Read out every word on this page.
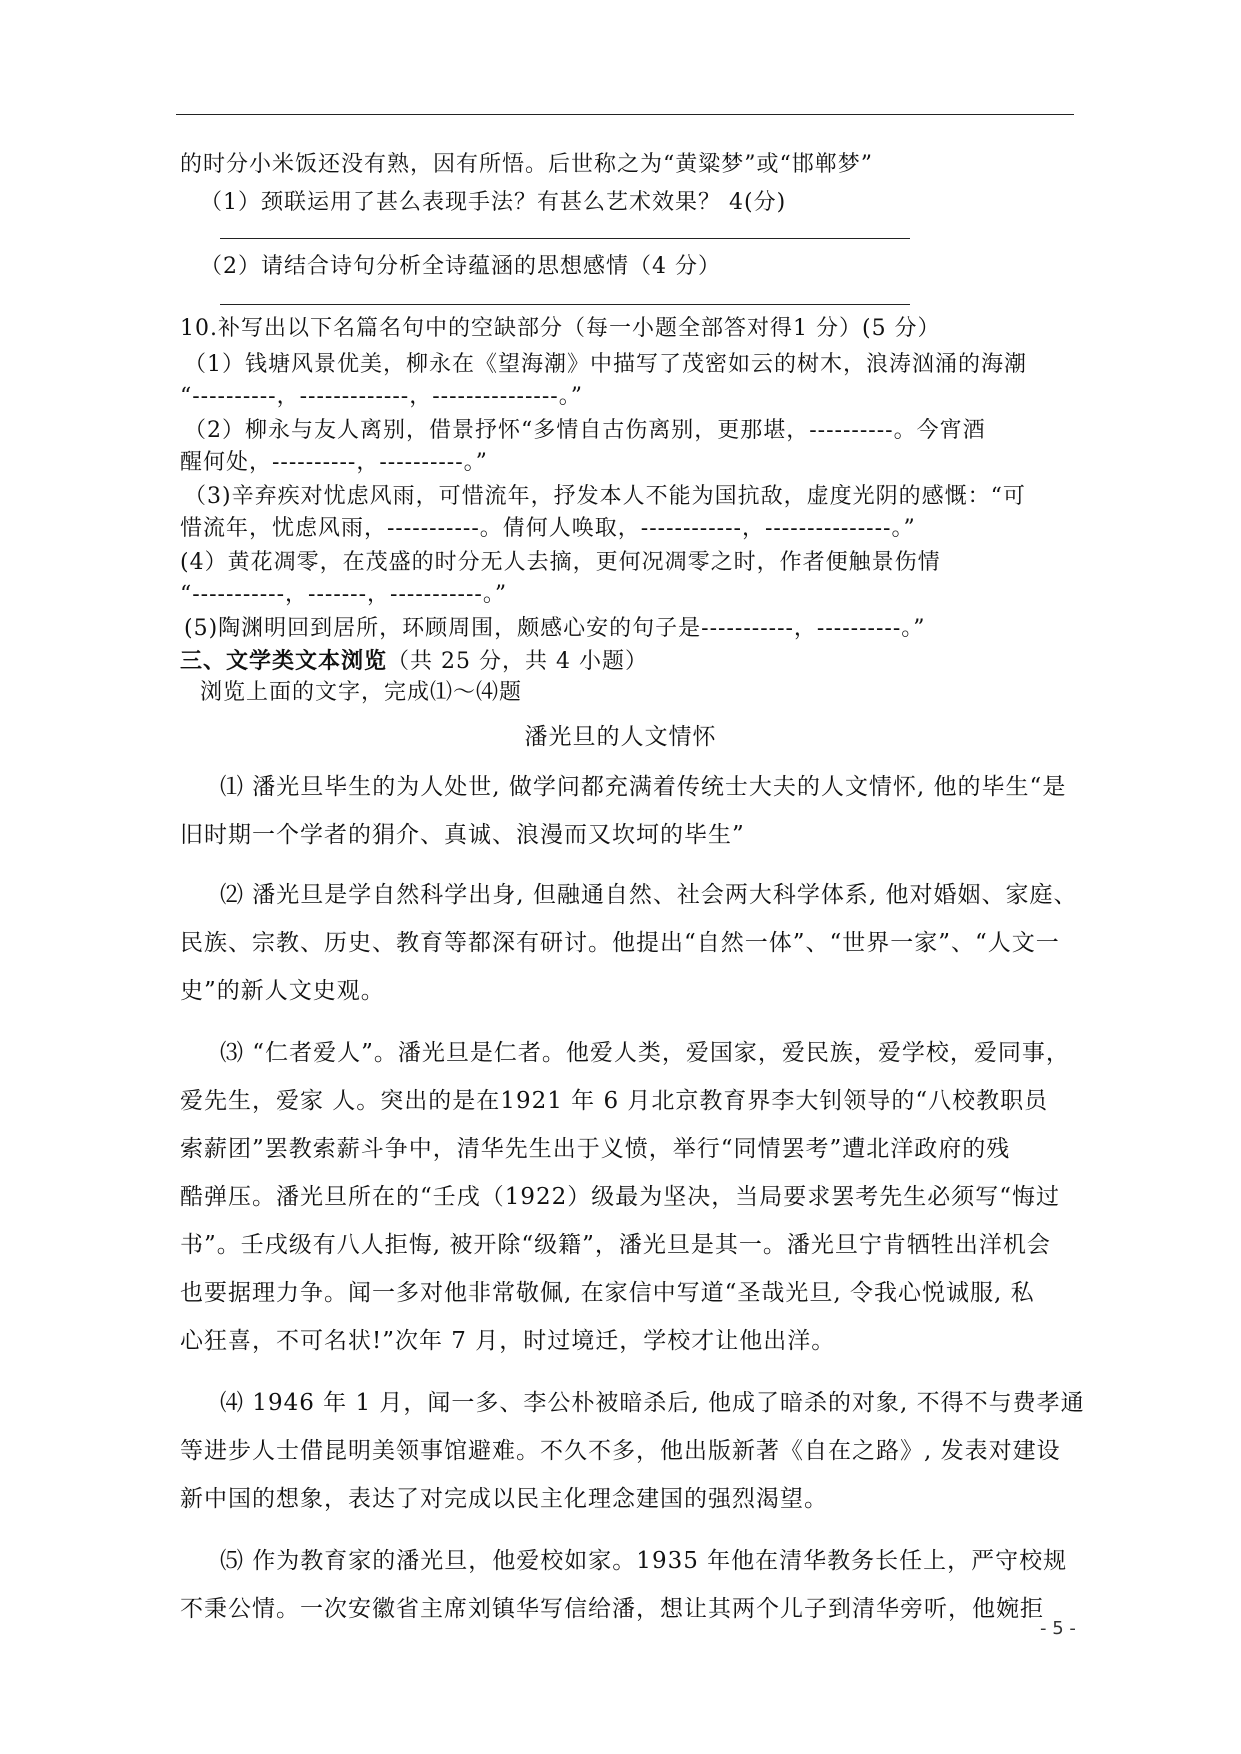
的时分小米饭还没有熟，因有所悟。后世称之为“黄粱梦”或“邯郸梦”
（1）颈联运用了甚么表现手法？有甚么艺术效果？ 4(分)
（2）请结合诗句分析全诗蕴涵的思想感情（4 分）
10.补写出以下名篇名句中的空缺部分（每一小题全部答对得1 分）(5 分）
（1）钱塘风景优美，柳永在《望海潮》中描写了茂密如云的树木，浪涛汹涌的海潮
“----------，-------------，---------------。”
（2）柳永与友人离别，借景抒怀“多情自古伤离别，更那堪，----------。今宵酒
醒何处，----------，----------。”
（3)辛弃疾对忧虑风雨，可惜流年，抒发本人不能为国抗敌，虚度光阴的感慨：“可
惜流年，忧虑风雨，-----------。倩何人唤取，------------，---------------。”
(4）黄花凋零，在茂盛的时分无人去摘，更何况凋零之时，作者便触景伤情
“-----------，-------，-----------。”
(5)陶渊明回到居所，环顾周围，颇感心安的句子是-----------，----------。”
三、文学类文本浏览（共 25 分，共 4 小题）
浏览上面的文字，完成⑴～⑷题
潘光旦的人文情怀
⑴ 潘光旦毕生的为人处世, 做学问都充满着传统士大夫的人文情怀, 他的毕生“是
旧时期一个学者的狷介、真诚、浪漫而又坎坷的毕生”
⑵ 潘光旦是学自然科学出身, 但融通自然、社会两大科学体系, 他对婚姻、家庭、
民族、宗教、历史、教育等都深有研讨。他提出“自然一体”、“世界一家”、“人文一
史”的新人文史观。
⑶ “仁者爱人”。潘光旦是仁者。他爱人类，爱国家，爱民族，爱学校，爱同事，
爱先生，爱家 人。突出的是在1921 年 6 月北京教育界李大钊领导的“八校教职员
索薪团”罢教索薪斗争中，清华先生出于义愤，举行“同情罢考”遭北洋政府的残
酷弹压。潘光旦所在的“壬戌（1922）级最为坚决，当局要求罢考先生必须写“悔过
书”。壬戌级有八人拒悔, 被开除“级籍”，潘光旦是其一。潘光旦宁肯牺牲出洋机会
也要据理力争。闻一多对他非常敬佩, 在家信中写道“圣哉光旦, 令我心悦诚服, 私
心狂喜，不可名状!”次年 7 月，时过境迁，学校才让他出洋。
⑷ 1946 年 1 月，闻一多、李公朴被暗杀后, 他成了暗杀的对象, 不得不与费孝通
等进步人士借昆明美领事馆避难。不久不多，他出版新著《自在之路》, 发表对建设
新中国的想象，表达了对完成以民主化理念建国的强烈渴望。
⑸ 作为教育家的潘光旦，他爱校如家。1935 年他在清华教务长任上，严守校规
不秉公情。一次安徽省主席刘镇华写信给潘，想让其两个儿子到清华旁听，他婉拒
- 5 -
